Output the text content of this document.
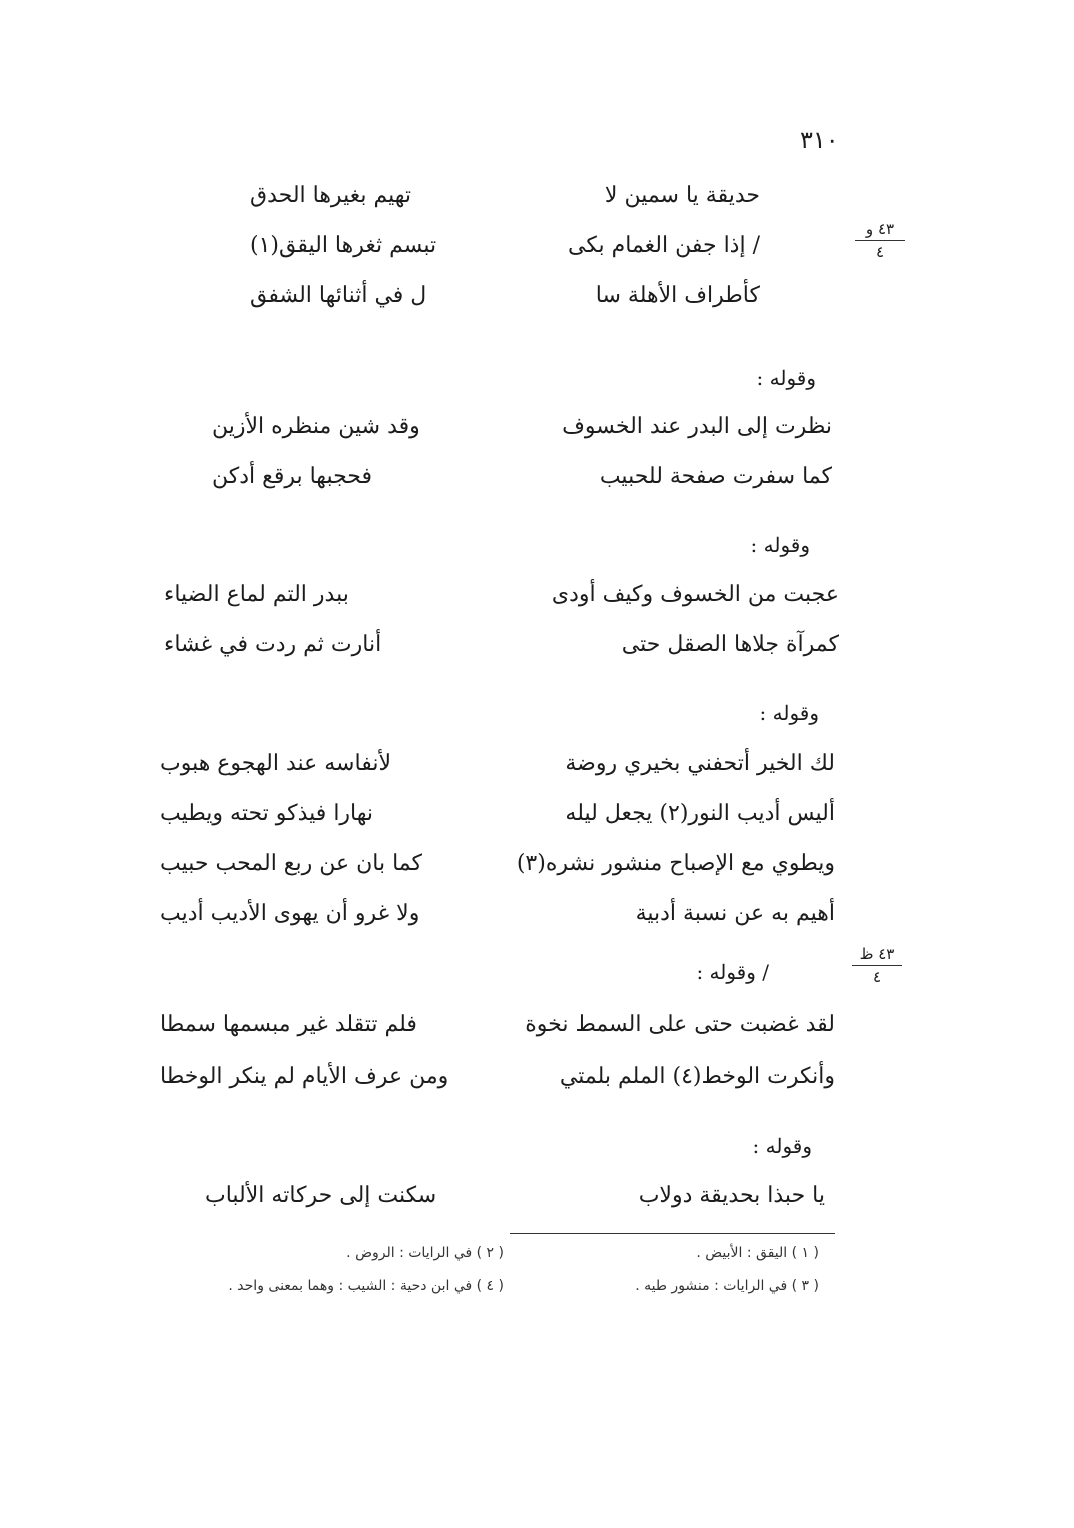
٣١٠
٤٣ و
٤
٤٣ ظ
٤
حديقة يا سمين لا
تهيم بغيرها الحدق
/ إذا جفن الغمام بكى
تبسم ثغرها اليقق(١)
كأطراف الأهلة سا
ل في أثنائها الشفق
وقوله :
نظرت إلى البدر عند الخسوف
وقد شين منظره الأزين
كما سفرت صفحة للحبيب
فحجبها برقع أدكن
وقوله :
عجبت من الخسوف وكيف أودى
ببدر التم لماع الضياء
كمرآة جلاها الصقل حتى
أنارت ثم ردت في غشاء
وقوله :
لك الخير أتحفني بخيري روضة
لأنفاسه عند الهجوع هبوب
أليس أديب النور(٢) يجعل ليله
نهارا فيذكو تحته ويطيب
ويطوي مع الإصباح منشور نشره(٣)
كما بان عن ربع المحب حبيب
أهيم به عن نسبة أدبية
ولا غرو أن يهوى الأديب أديب
/ وقوله :
لقد غضبت حتى على السمط نخوة
فلم تتقلد غير مبسمها سمطا
وأنكرت الوخط(٤) الملم بلمتي
ومن عرف الأيام لم ينكر الوخطا
وقوله :
يا حبذا بحديقة دولاب
سكنت إلى حركاته الألباب
( ١ ) اليقق : الأبيض .
( ٢ ) في الرايات : الروض .
( ٣ ) في الرايات : منشور طيه .
( ٤ ) في ابن دحية : الشيب : وهما بمعنى واحد .
